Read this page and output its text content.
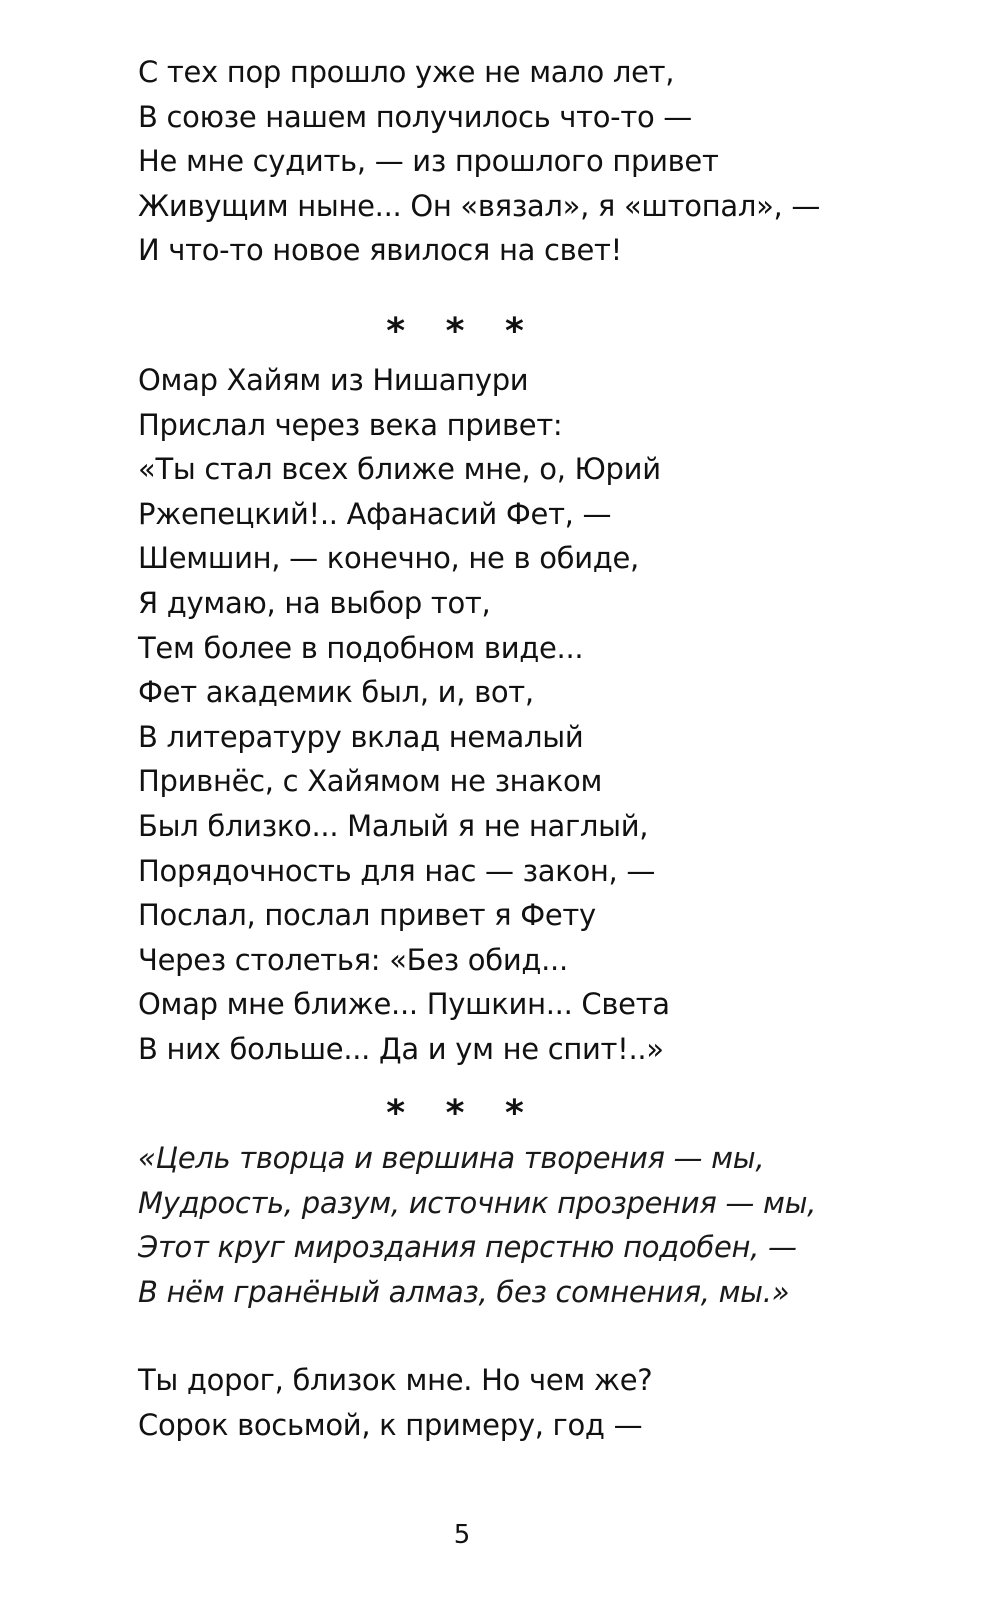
С тех пор прошло уже не мало лет,
В союзе нашем получилось что-то —
Не мне судить, — из прошлого привет
Живущим ныне... Он «вязал», я «штопал», —
И что-то новое явилося на свет!
* * *
Омар Хайям из Нишапури
Прислал через века привет:
«Ты стал всех ближе мне, о, Юрий
Ржепецкий!.. Афанасий Фет, —
Шемшин, — конечно, не в обиде,
Я думаю, на выбор тот,
Тем более в подобном виде...
Фет академик был, и, вот,
В литературу вклад немалый
Привнёс, с Хайямом не знаком
Был близко... Малый я не наглый,
Порядочность для нас — закон, —
Послал, послал привет я Фету
Через столетья: «Без обид...
Омар мне ближе... Пушкин... Света
В них больше... Да и ум не спит!..»
* * *
«Цель творца и вершина творения — мы,
Мудрость, разум, источник прозрения — мы,
Этот круг мироздания перстню подобен, —
В нём гранёный алмаз, без сомнения, мы.»
Ты дорог, близок мне. Но чем же?
Сорок восьмой, к примеру, год —
5
